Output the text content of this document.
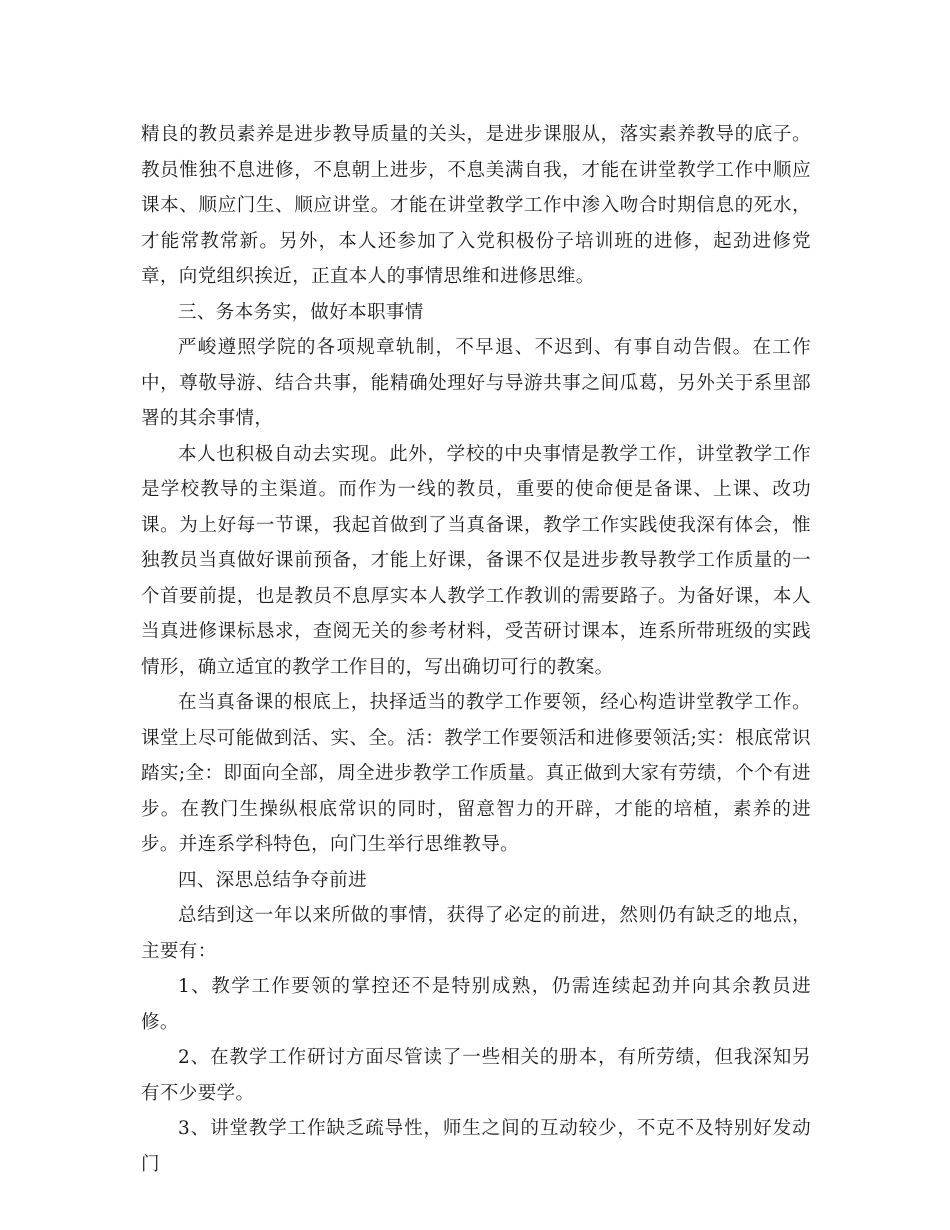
精良的教员素养是进步教导质量的关头，是进步课服从，落实素养教导的底子。教员惟独不息进修，不息朝上进步，不息美满自我，才能在讲堂教学工作中顺应课本、顺应门生、顺应讲堂。才能在讲堂教学工作中渗入吻合时期信息的死水，才能常教常新。另外，本人还参加了入党积极份子培训班的进修，起劲进修党章，向党组织挨近，正直本人的事情思维和进修思维。

三、务本务实，做好本职事情

严峻遵照学院的各项规章轨制，不早退、不迟到、有事自动告假。在工作中，尊敬导游、结合共事，能精确处理好与导游共事之间瓜葛，另外关于系里部署的其余事情，

本人也积极自动去实现。此外，学校的中央事情是教学工作，讲堂教学工作是学校教导的主渠道。而作为一线的教员，重要的使命便是备课、上课、改功课。为上好每一节课，我起首做到了当真备课，教学工作实践使我深有体会，惟独教员当真做好课前预备，才能上好课，备课不仅是进步教导教学工作质量的一个首要前提，也是教员不息厚实本人教学工作教训的需要路子。为备好课，本人当真进修课标恳求，查阅无关的参考材料，受苦研讨课本，连系所带班级的实践情形，确立适宜的教学工作目的，写出确切可行的教案。

在当真备课的根底上，抉择适当的教学工作要领，经心构造讲堂教学工作。课堂上尽可能做到活、实、全。活：教学工作要领活和进修要领活;实：根底常识踏实;全：即面向全部，周全进步教学工作质量。真正做到大家有劳绩，个个有进步。在教门生操纵根底常识的同时，留意智力的开辟，才能的培植，素养的进步。并连系学科特色，向门生举行思维教导。

四、深思总结争夺前进

总结到这一年以来所做的事情，获得了必定的前进，然则仍有缺乏的地点，主要有：

1、教学工作要领的掌控还不是特别成熟，仍需连续起劲并向其余教员进修。

2、在教学工作研讨方面尽管读了一些相关的册本，有所劳绩，但我深知另有不少要学。

3、讲堂教学工作缺乏疏导性，师生之间的互动较少，不克不及特别好发动门
